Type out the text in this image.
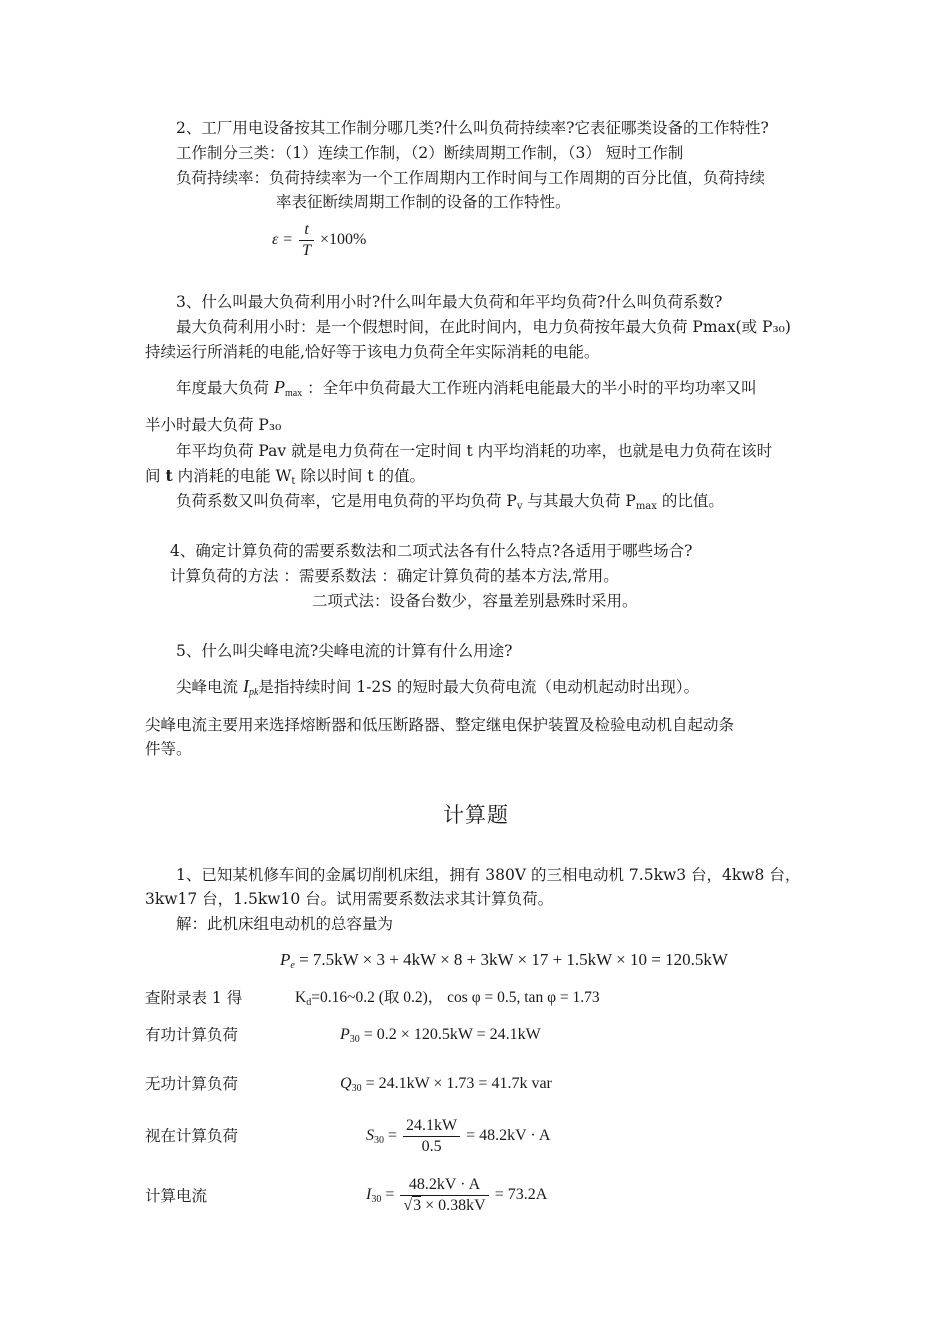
2、工厂用电设备按其工作制分哪几类?什么叫负荷持续率?它表征哪类设备的工作特性?
工作制分三类：（1）连续工作制，（2）断续周期工作制，（3） 短时工作制
负荷持续率：负荷持续率为一个工作周期内工作时间与工作周期的百分比值，负荷持续
率表征断续周期工作制的设备的工作特性。
$\varepsilon = \frac{t}{T} \times 100\%$
3、什么叫最大负荷利用小时?什么叫年最大负荷和年平均负荷?什么叫负荷系数?
最大负荷利用小时：是一个假想时间，在此时间内，电力负荷按年最大负荷 Pmax(或 P₃₀)
持续运行所消耗的电能,恰好等于该电力负荷全年实际消耗的电能。
年度最大负荷 $P_{max}$ ：全年中负荷最大工作班内消耗电能最大的半小时的平均功率又叫
半小时最大负荷 P₃₀
年平均负荷 Pav 就是电力负荷在一定时间 t 内平均消耗的功率，也就是电力负荷在该时
间 t 内消耗的电能 $W_t$ 除以时间 t 的值。
负荷系数又叫负荷率，它是用电负荷的平均负荷 $P_v$ 与其最大负荷 $P_{max}$ 的比值。
4、确定计算负荷的需要系数法和二项式法各有什么特点?各适用于哪些场合?
计算负荷的方法 ：需要系数法 ：确定计算负荷的基本方法,常用。
二项式法：设备台数少，容量差别悬殊时采用。
5、什么叫尖峰电流?尖峰电流的计算有什么用途?
尖峰电流 $I_{pk}$是指持续时间 1-2S 的短时最大负荷电流（电动机起动时出现）。
尖峰电流主要用来选择熔断器和低压断路器、整定继电保护装置及检验电动机自起动条
件等。
计算题
1、已知某机修车间的金属切削机床组，拥有 380V 的三相电动机 7.5kw3 台，4kw8 台，
3kw17 台，1.5kw10 台。试用需要系数法求其计算负荷。
解：此机床组电动机的总容量为
$P_e = 7.5kW \times 3 + 4kW \times 8 + 3kW \times 17 + 1.5kW \times 10 = 120.5kW$
查附录表 1 得	$K_d=0.16\sim 0.2$ (取 0.2)， cos φ = 0.5, tan φ = 1.73
有功计算负荷	$P_{30} = 0.2 \times 120.5kW = 24.1kW$
无功计算负荷	$Q_{30} = 24.1kW \times 1.73 = 41.7k$ var
视在计算负荷	$S_{30} = \frac{24.1kW}{0.5} = 48.2kV \cdot A$
计算电流	$I_{30} = \frac{48.2kV \cdot A}{√3 \times 0.38kV} = 73.2A$
